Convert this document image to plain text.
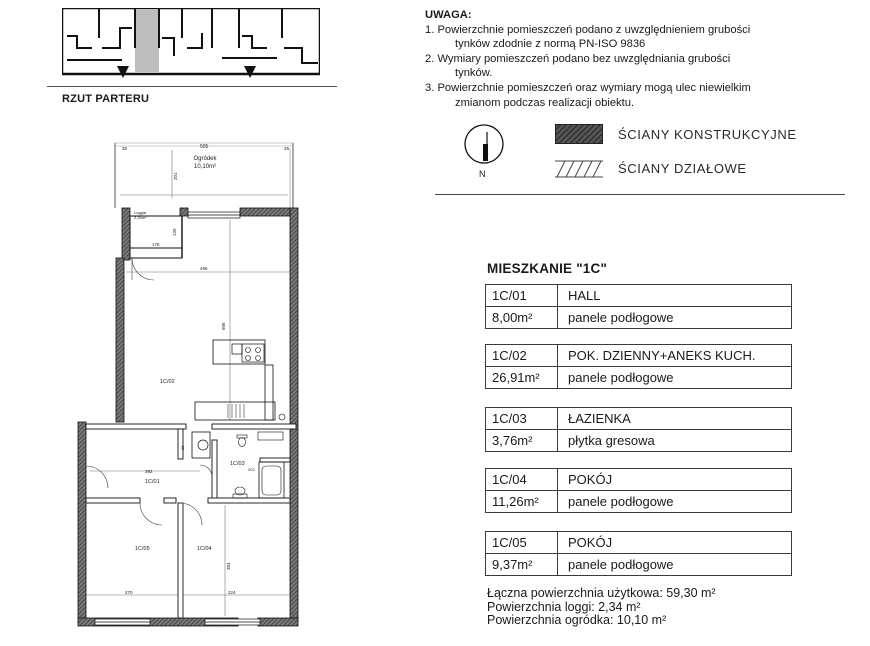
RZUT PARTERU
UWAGA:
1. Powierzchnie pomieszczeń podano z uwzględnieniem grubości
tynków zdodnie z normą PN-ISO 9836
2. Wymiary pomieszczeń podano bez uwzględniania grubości
tynków.
3. Powierzchnie pomieszczeń oraz wymiary mogą ulec niewielkim
zmianom podczas realizacji obiektu.
N
ŚCIANY KONSTRUKCYJNE
ŚCIANY DZIAŁOWE
MIESZKANIE "1C"
1C/01	HALL
8,00m²	panele podłogowe
1C/02	POK. DZIENNY+ANEKS KUCH.
26,91m²	panele podłogowe
1C/03	ŁAZIENKA
3,76m²	płytka gresowa
1C/04	POKÓJ
11,26m²	panele podłogowe
1C/05	POKÓJ
9,37m²	panele podłogowe
Łączna powierzchnia użytkowa: 59,30 m²
Powierzchnia loggi: 2,34 m²
Powierzchnia ogródka: 10,10 m²
505
35	25
Ogródek
10,10m²
201
Loggia
2,34m²
176
139
496
606
1C/02
392
1C/01
1C/03
202
85
1C/05
270
1C/04
224
384
